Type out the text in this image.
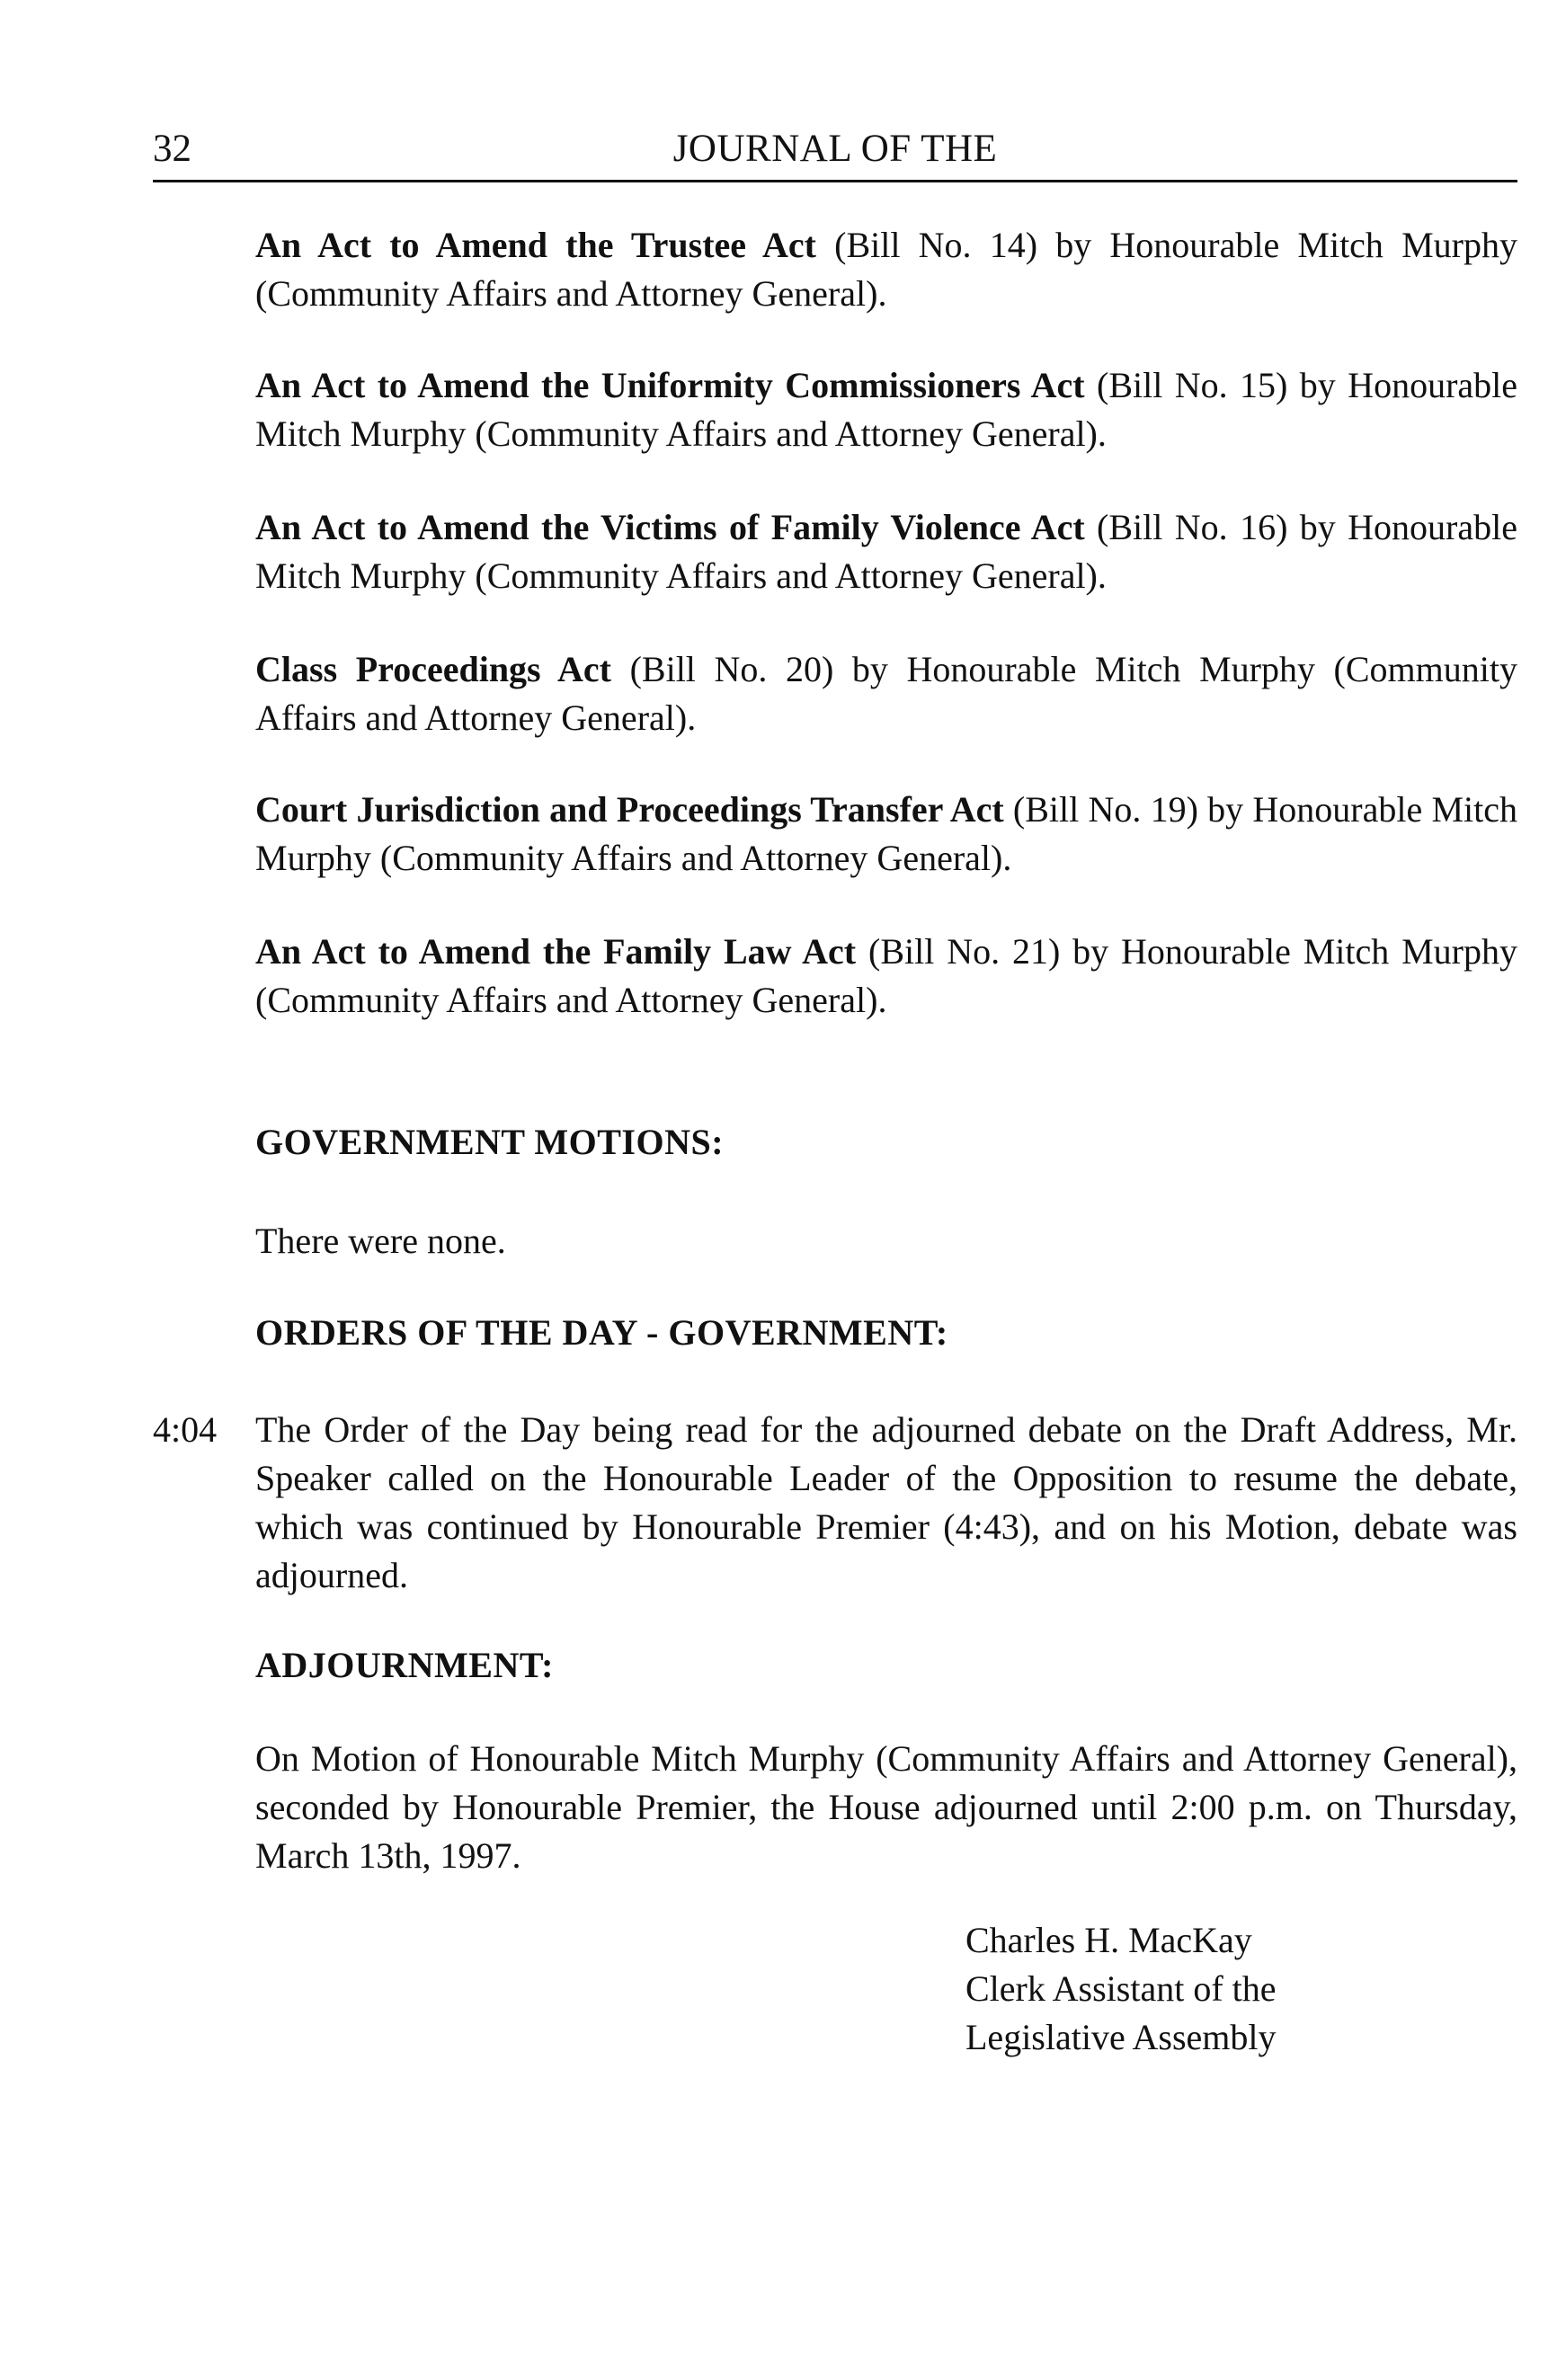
32	JOURNAL OF THE
An Act to Amend the Trustee Act (Bill No. 14) by Honourable Mitch Murphy (Community Affairs and Attorney General).
An Act to Amend the Uniformity Commissioners Act (Bill No. 15) by Honourable Mitch Murphy (Community Affairs and Attorney General).
An Act to Amend the Victims of Family Violence Act (Bill No. 16) by Honourable Mitch Murphy (Community Affairs and Attorney General).
Class Proceedings Act (Bill No. 20) by Honourable Mitch Murphy (Community Affairs and Attorney General).
Court Jurisdiction and Proceedings Transfer Act (Bill No. 19) by Honourable Mitch Murphy (Community Affairs and Attorney General).
An Act to Amend the Family Law Act (Bill No. 21) by Honourable Mitch Murphy (Community Affairs and Attorney General).
GOVERNMENT MOTIONS:
There were none.
ORDERS OF THE DAY - GOVERNMENT:
4:04 The Order of the Day being read for the adjourned debate on the Draft Address, Mr. Speaker called on the Honourable Leader of the Opposition to resume the debate, which was continued by Honourable Premier (4:43), and on his Motion, debate was adjourned.
ADJOURNMENT:
On Motion of Honourable Mitch Murphy (Community Affairs and Attorney General), seconded by Honourable Premier, the House adjourned until 2:00 p.m. on Thursday, March 13th, 1997.
Charles H. MacKay
Clerk Assistant of the
Legislative Assembly
